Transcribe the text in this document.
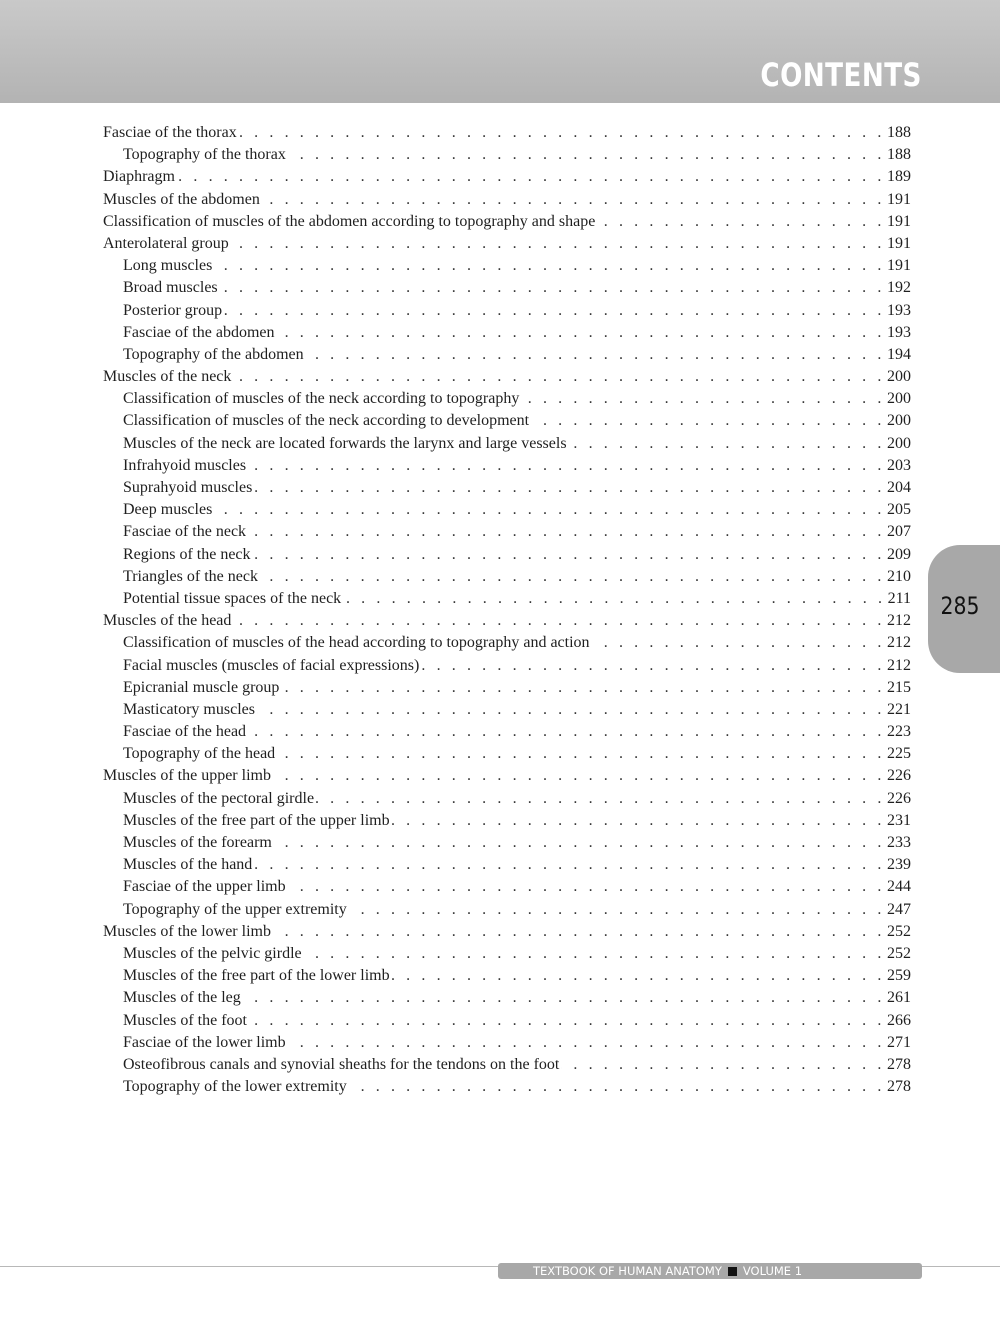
CONTENTS
Fasciae of the thorax . . .	188
Topography of the thorax . . .	188
Diaphragm . . .	189
Muscles of the abdomen . . .	191
Classification of muscles of the abdomen according to topography and shape . . .	191
Anterolateral group . . .	191
Long muscles . . .	191
Broad muscles . . .	192
Posterior group . . .	193
Fasciae of the abdomen . . .	193
Topography of the abdomen . . .	194
Muscles of the neck . . .	200
Classification of muscles of the neck according to topography . . .	200
Classification of muscles of the neck according to development . . .	200
Muscles of the neck are located forwards the larynx and large vessels . . .	200
Infrahyoid muscles . . .	203
Suprahyoid muscles . . .	204
Deep muscles . . .	205
Fasciae of the neck . . .	207
Regions of the neck . . .	209
Triangles of the neck . . .	210
Potential tissue spaces of the neck . . .	211
Muscles of the head . . .	212
Classification of muscles of the head according to topography and action . . .	212
Facial muscles (muscles of facial expressions) . . .	212
Epicranial muscle group . . .	215
Masticatory muscles . . .	221
Fasciae of the head . . .	223
Topography of the head . . .	225
Muscles of the upper limb . . .	226
Muscles of the pectoral girdle . . .	226
Muscles of the free part of the upper limb . . .	231
Muscles of the forearm . . .	233
Muscles of the hand . . .	239
Fasciae of the upper limb . . .	244
Topography of the upper extremity . . .	247
Muscles of the lower limb . . .	252
Muscles of the pelvic girdle . . .	252
Muscles of the free part of the lower limb . . .	259
Muscles of the leg . . .	261
Muscles of the foot . . .	266
Fasciae of the lower limb . . .	271
Osteofibrous canals and synovial sheaths for the tendons on the foot . . .	278
Topography of the lower extremity . . .	278
285
TEXTBOOK OF HUMAN ANATOMY VOLUME 1
